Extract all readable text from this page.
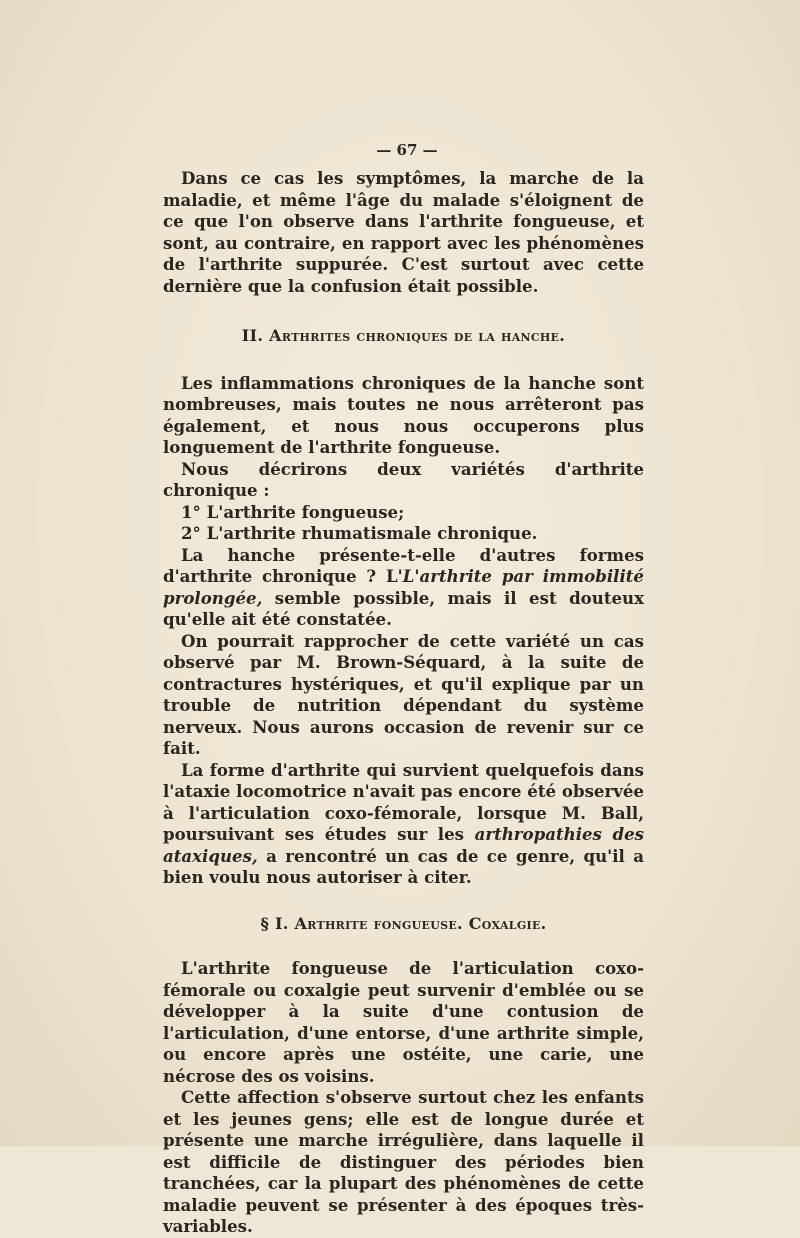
— 67 —

Dans ce cas les symptômes, la marche de la maladie, et même l'âge du malade s'éloignent de ce que l'on observe dans l'arthrite fongueuse, et sont, au contraire, en rapport avec les phénomènes de l'arthrite suppurée. C'est surtout avec cette dernière que la confusion était possible.

II. Arthrites chroniques de la hanche.

Les inflammations chroniques de la hanche sont nombreuses, mais toutes ne nous arrêteront pas également, et nous nous occuperons plus longuement de l'arthrite fongueuse.

Nous décrirons deux variétés d'arthrite chronique :

1° L'arthrite fongueuse;

2° L'arthrite rhumatismale chronique.

La hanche présente-t-elle d'autres formes d'arthrite chronique ? L'L'arthrite par immobilité prolongée, semble possible, mais il est douteux qu'elle ait été constatée.

On pourrait rapprocher de cette variété un cas observé par M. Brown-Séquard, à la suite de contractures hystériques, et qu'il explique par un trouble de nutrition dépendant du système nerveux. Nous aurons occasion de revenir sur ce fait.

La forme d'arthrite qui survient quelquefois dans l'ataxie locomotrice n'avait pas encore été observée à l'articulation coxo-fémorale, lorsque M. Ball, poursuivant ses études sur les arthropathies des ataxiques, a rencontré un cas de ce genre, qu'il a bien voulu nous autoriser à citer.

§ I. Arthrite fongueuse. Coxalgie.

L'arthrite fongueuse de l'articulation coxo-fémorale ou coxalgie peut survenir d'emblée ou se développer à la suite d'une contusion de l'articulation, d'une entorse, d'une arthrite simple, ou encore après une ostéite, une carie, une nécrose des os voisins.

Cette affection s'observe surtout chez les enfants et les jeunes gens; elle est de longue durée et présente une marche irrégulière, dans laquelle il est difficile de distinguer des périodes bien tranchées, car la plupart des phénomènes de cette maladie peuvent se présenter à des époques très-variables.
